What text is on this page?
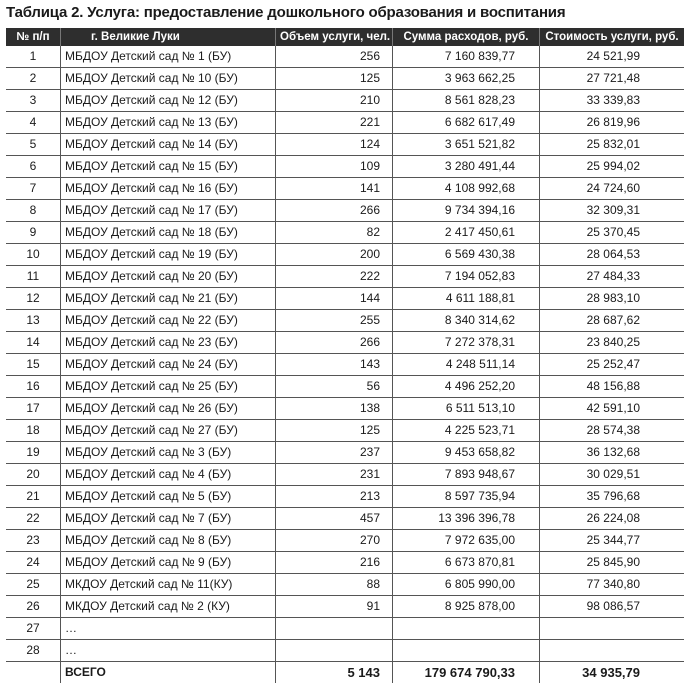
Таблица 2. Услуга: предоставление дошкольного образования и воспитания
№ п/п	г. Великие Луки	Объем услуги, чел.	Сумма расходов, руб.	Стоимость услуги, руб.
1	МБДОУ Детский сад № 1 (БУ)	256	7 160 839,77	24 521,99
2	МБДОУ Детский сад № 10 (БУ)	125	3 963 662,25	27 721,48
3	МБДОУ Детский сад № 12 (БУ)	210	8 561 828,23	33 339,83
4	МБДОУ Детский сад № 13 (БУ)	221	6 682 617,49	26 819,96
5	МБДОУ Детский сад № 14 (БУ)	124	3 651 521,82	25 832,01
6	МБДОУ Детский сад № 15 (БУ)	109	3 280 491,44	25 994,02
7	МБДОУ Детский сад № 16 (БУ)	141	4 108 992,68	24 724,60
8	МБДОУ Детский сад № 17 (БУ)	266	9 734 394,16	32 309,31
9	МБДОУ Детский сад № 18 (БУ)	82	2 417 450,61	25 370,45
10	МБДОУ Детский сад № 19 (БУ)	200	6 569 430,38	28 064,53
11	МБДОУ Детский сад № 20 (БУ)	222	7 194 052,83	27 484,33
12	МБДОУ Детский сад № 21 (БУ)	144	4 611 188,81	28 983,10
13	МБДОУ Детский сад № 22 (БУ)	255	8 340 314,62	28 687,62
14	МБДОУ Детский сад № 23 (БУ)	266	7 272 378,31	23 840,25
15	МБДОУ Детский сад № 24 (БУ)	143	4 248 511,14	25 252,47
16	МБДОУ Детский сад № 25 (БУ)	56	4 496 252,20	48 156,88
17	МБДОУ Детский сад № 26 (БУ)	138	6 511 513,10	42 591,10
18	МБДОУ Детский сад № 27 (БУ)	125	4 225 523,71	28 574,38
19	МБДОУ Детский сад № 3 (БУ)	237	9 453 658,82	36 132,68
20	МБДОУ Детский сад № 4 (БУ)	231	7 893 948,67	30 029,51
21	МБДОУ Детский сад № 5 (БУ)	213	8 597 735,94	35 796,68
22	МБДОУ Детский сад № 7 (БУ)	457	13 396 396,78	26 224,08
23	МБДОУ Детский сад № 8 (БУ)	270	7 972 635,00	25 344,77
24	МБДОУ Детский сад № 9 (БУ)	216	6 673 870,81	25 845,90
25	МКДОУ Детский сад № 11(КУ)	88	6 805 990,00	77 340,80
26	МКДОУ Детский сад № 2 (КУ)	91	8 925 878,00	98 086,57
27	…			
28	…			
	ВСЕГО	5 143	179 674 790,33	34 935,79
